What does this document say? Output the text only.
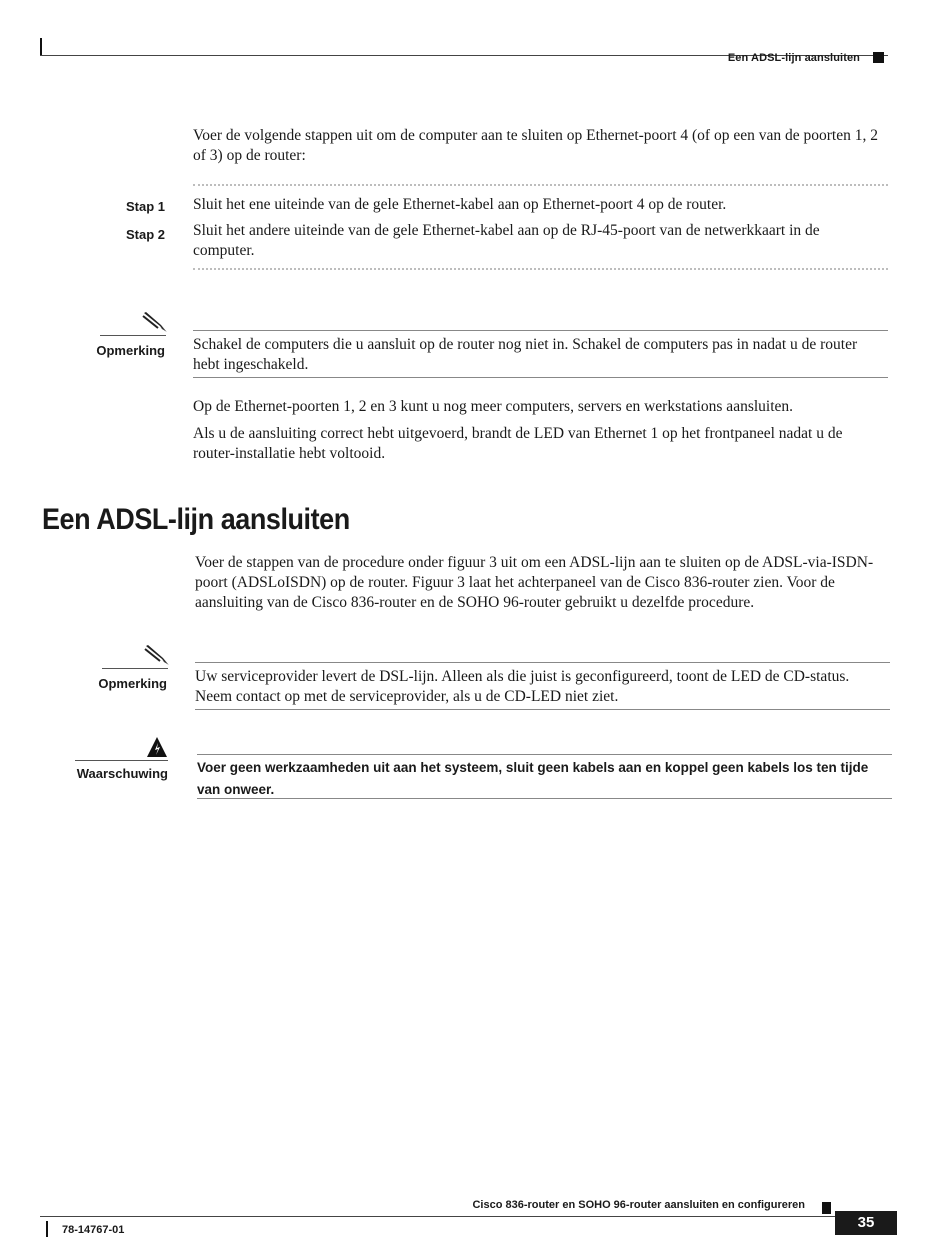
Een ADSL-lijn aansluiten
Voer de volgende stappen uit om de computer aan te sluiten op Ethernet-poort 4 (of op een van de poorten 1, 2 of 3) op de router:
Stap 1 Sluit het ene uiteinde van de gele Ethernet-kabel aan op Ethernet-poort 4 op de router.
Stap 2 Sluit het andere uiteinde van de gele Ethernet-kabel aan op de RJ-45-poort van de netwerkkaart in de computer.
Opmerking Schakel de computers die u aansluit op de router nog niet in. Schakel de computers pas in nadat u de router hebt ingeschakeld.
Op de Ethernet-poorten 1, 2 en 3 kunt u nog meer computers, servers en werkstations aansluiten.
Als u de aansluiting correct hebt uitgevoerd, brandt de LED van Ethernet 1 op het frontpaneel nadat u de router-installatie hebt voltooid.
Een ADSL-lijn aansluiten
Voer de stappen van de procedure onder figuur 3 uit om een ADSL-lijn aan te sluiten op de ADSL-via-ISDN-poort (ADSLoISDN) op de router. Figuur 3 laat het achterpaneel van de Cisco 836-router zien. Voor de aansluiting van de Cisco 836-router en de SOHO 96-router gebruikt u dezelfde procedure.
Opmerking Uw serviceprovider levert de DSL-lijn. Alleen als die juist is geconfigureerd, toont de LED de CD-status. Neem contact op met de serviceprovider, als u de CD-LED niet ziet.
Waarschuwing Voer geen werkzaamheden uit aan het systeem, sluit geen kabels aan en koppel geen kabels los ten tijde van onweer.
Cisco 836-router en SOHO 96-router aansluiten en configureren
35
78-14767-01
